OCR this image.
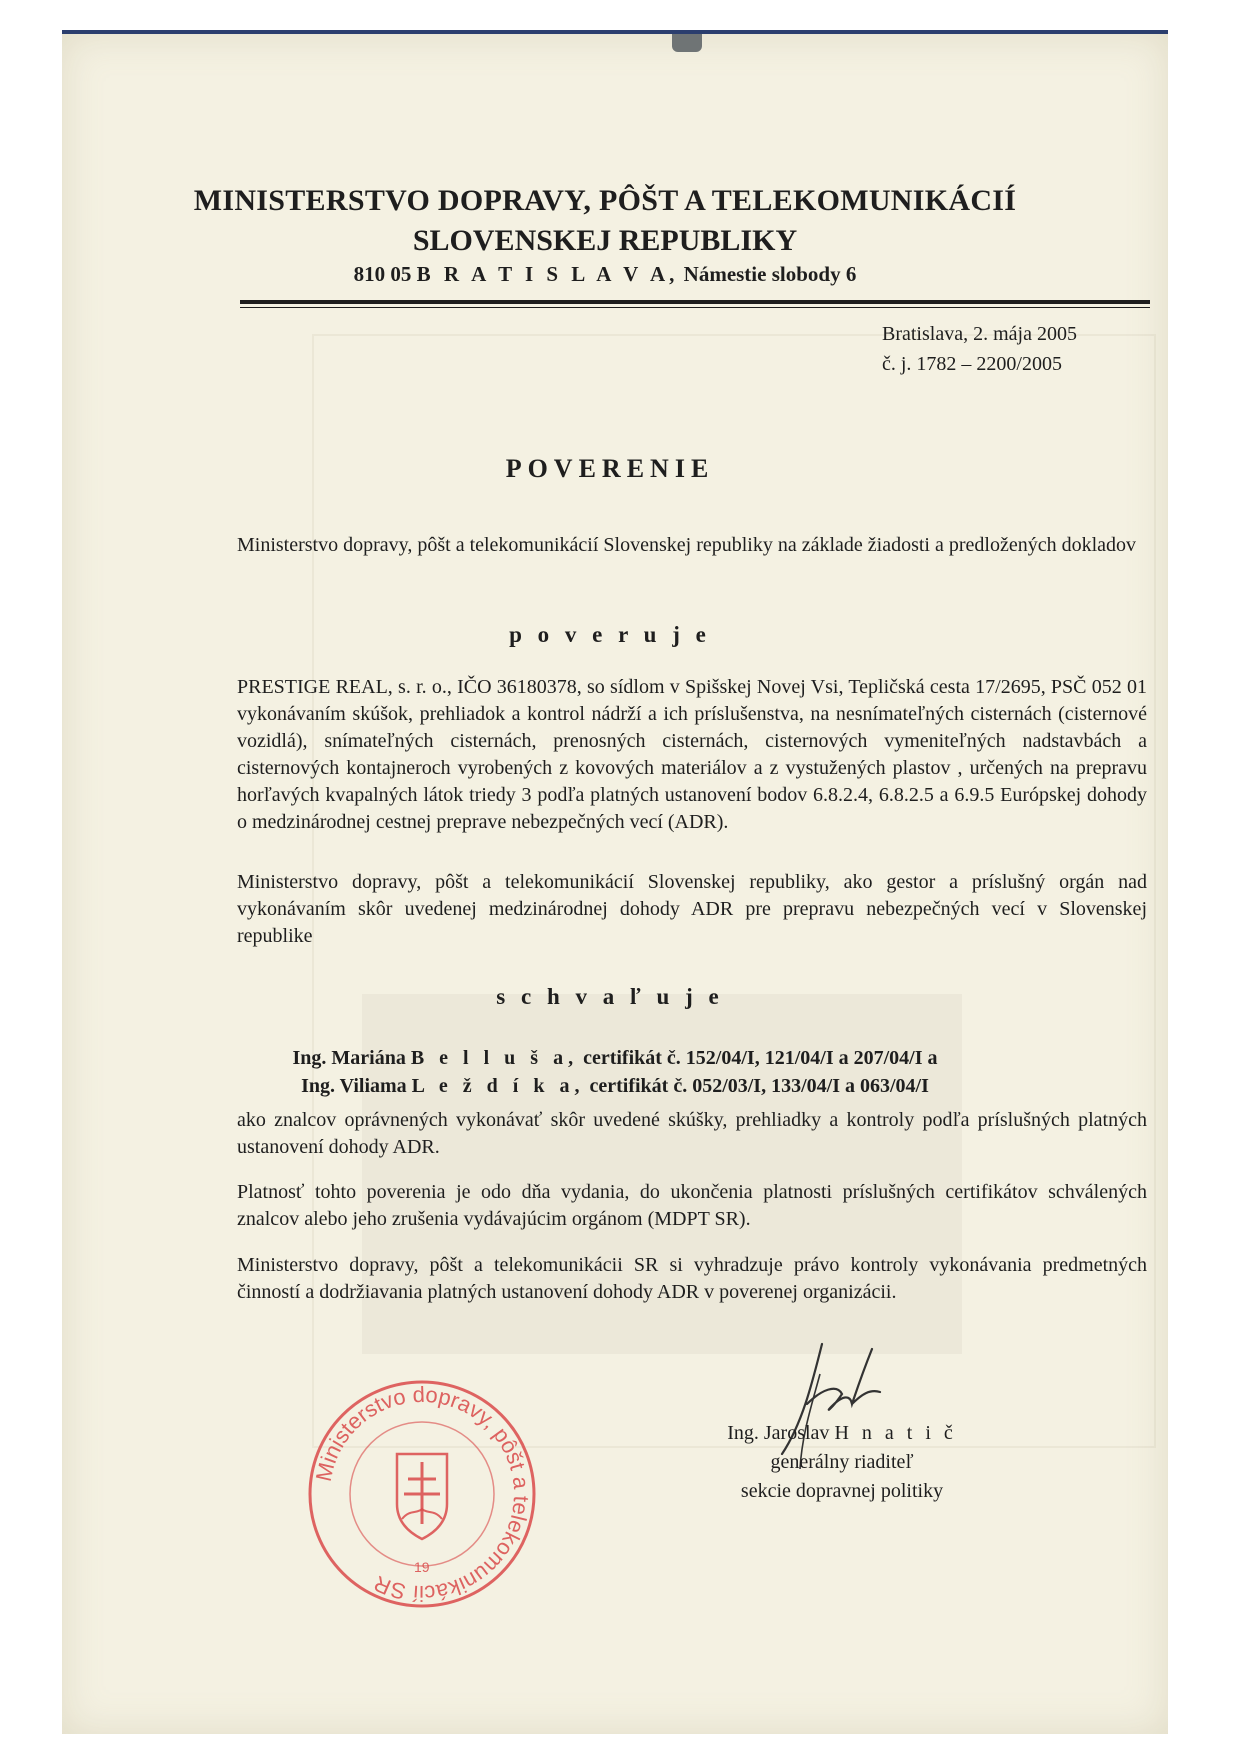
MINISTERSTVO DOPRAVY, PÔŠT A TELEKOMUNIKÁCIÍ
SLOVENSKEJ REPUBLIKY
810 05 B R A T I S L A V A, Námestie slobody 6
Bratislava, 2. mája 2005
č. j. 1782 – 2200/2005
POVERENIE
Ministerstvo dopravy, pôšt a telekomunikácií Slovenskej republiky na základe žiadosti a predložených dokladov
p o v e r u j e
PRESTIGE REAL, s. r. o., IČO 36180378, so sídlom v Spišskej Novej Vsi, Tepličská cesta 17/2695, PSČ 052 01 vykonávaním skúšok, prehliadok a kontrol nádrží a ich príslušenstva, na nesnímateľných cisternách (cisternové vozidlá), snímateľných cisternách, prenosných cisternách, cisternových vymeniteľných nadstavbách a cisternových kontajneroch vyrobených z kovových materiálov a z vystužených plastov , určených na prepravu horľavých kvapalných látok triedy 3 podľa platných ustanovení bodov 6.8.2.4, 6.8.2.5 a 6.9.5 Európskej dohody o medzinárodnej cestnej preprave nebezpečných vecí (ADR).
Ministerstvo dopravy, pôšt a telekomunikácií Slovenskej republiky, ako gestor a príslušný orgán nad vykonávaním skôr uvedenej medzinárodnej dohody ADR pre prepravu nebezpečných vecí v Slovenskej republike
s c h v a ľ u j e
Ing. Mariána B e l l u š a, certifikát č. 152/04/I, 121/04/I a 207/04/I a
Ing. Viliama L e ž d í k a, certifikát č. 052/03/I, 133/04/I a 063/04/I
ako znalcov oprávnených vykonávať skôr uvedené skúšky, prehliadky a kontroly podľa príslušných platných ustanovení dohody ADR.
Platnosť tohto poverenia je odo dňa vydania, do ukončenia platnosti príslušných certifikátov schválených znalcov alebo jeho zrušenia vydávajúcim orgánom (MDPT SR).
Ministerstvo dopravy, pôšt a telekomunikácii SR si vyhradzuje právo kontroly vykonávania predmetných činností a dodržiavania platných ustanovení dohody ADR v poverenej organizácii.
Ing. Jaroslav H n a t i č
generálny riaditeľ
sekcie dopravnej politiky
Ministerstvo dopravy, pôšt a telekomunikácií SR
19
